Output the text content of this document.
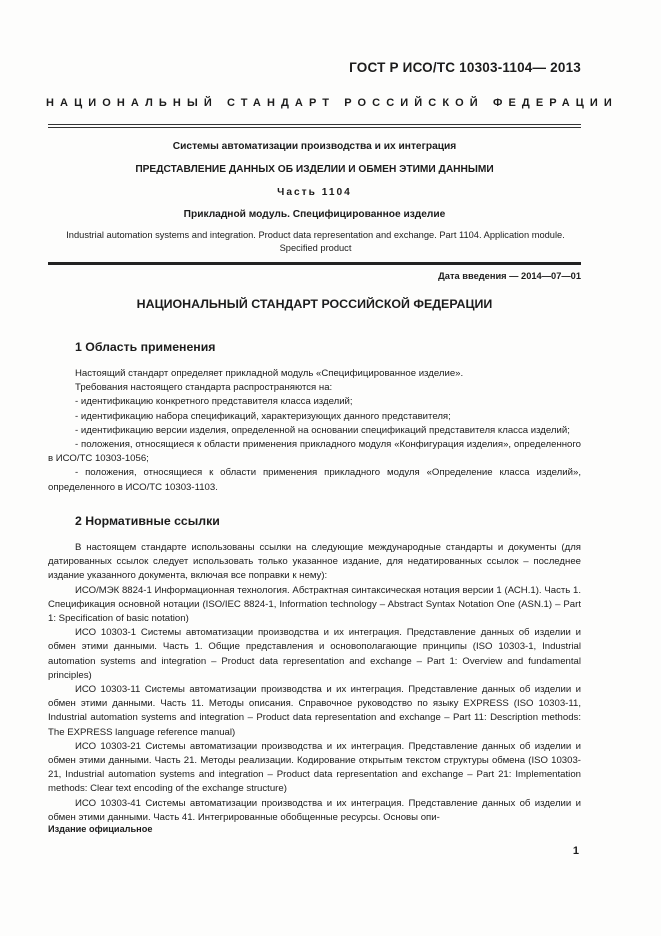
ГОСТ Р ИСО/ТС 10303-1104— 2013
НАЦИОНАЛЬНЫЙ СТАНДАРТ РОССИЙСКОЙ ФЕДЕРАЦИИ
Системы автоматизации производства и их интеграция
ПРЕДСТАВЛЕНИЕ ДАННЫХ ОБ ИЗДЕЛИИ И ОБМЕН ЭТИМИ ДАННЫМИ
Часть 1104
Прикладной модуль. Специфицированное изделие
Industrial automation systems and integration. Product data representation and exchange. Part 1104. Application module. Specified product
Дата введения — 2014—07—01
НАЦИОНАЛЬНЫЙ СТАНДАРТ РОССИЙСКОЙ ФЕДЕРАЦИИ
1 Область применения

Настоящий стандарт определяет прикладной модуль «Специфицированное изделие».

Требования настоящего стандарта распространяются на:

- идентификацию конкретного представителя класса изделий;

- идентификацию набора спецификаций, характеризующих данного представителя;

- идентификацию версии изделия, определенной на основании спецификаций представителя класса изделий;

- положения, относящиеся к области применения прикладного модуля «Конфигурация изделия», определенного в ИСО/ТС 10303-1056;

- положения, относящиеся к области применения прикладного модуля «Определение класса изделий», определенного в ИСО/ТС 10303-1103.

2 Нормативные ссылки

В настоящем стандарте использованы ссылки на следующие международные стандарты и документы (для датированных ссылок следует использовать только указанное издание, для недатированных ссылок – последнее издание указанного документа, включая все поправки к нему):

ИСО/МЭК 8824-1 Информационная технология. Абстрактная синтаксическая нотация версии 1 (АСН.1). Часть 1. Спецификация основной нотации (ISO/IEC 8824-1, Information technology – Abstract Syntax Notation One (ASN.1) – Part 1: Specification of basic notation)

ИСО 10303-1 Системы автоматизации производства и их интеграция. Представление данных об изделии и обмен этими данными. Часть 1. Общие представления и основополагающие принципы (ISO 10303-1, Industrial automation systems and integration – Product data representation and exchange – Part 1: Overview and fundamental principles)

ИСО 10303-11 Системы автоматизации производства и их интеграция. Представление данных об изделии и обмен этими данными. Часть 11. Методы описания. Справочное руководство по языку EXPRESS (ISO 10303-11, Industrial automation systems and integration – Product data representation and exchange – Part 11: Description methods: The EXPRESS language reference manual)

ИСО 10303-21 Системы автоматизации производства и их интеграция. Представление данных об изделии и обмен этими данными. Часть 21. Методы реализации. Кодирование открытым текстом структуры обмена (ISO 10303-21, Industrial automation systems and integration – Product data representation and exchange – Part 21: Implementation methods: Clear text encoding of the exchange structure)

ИСО 10303-41 Системы автоматизации производства и их интеграция. Представление данных об изделии и обмен этими данными. Часть 41. Интегрированные обобщенные ресурсы. Основы опи-

Издание официальное
1
